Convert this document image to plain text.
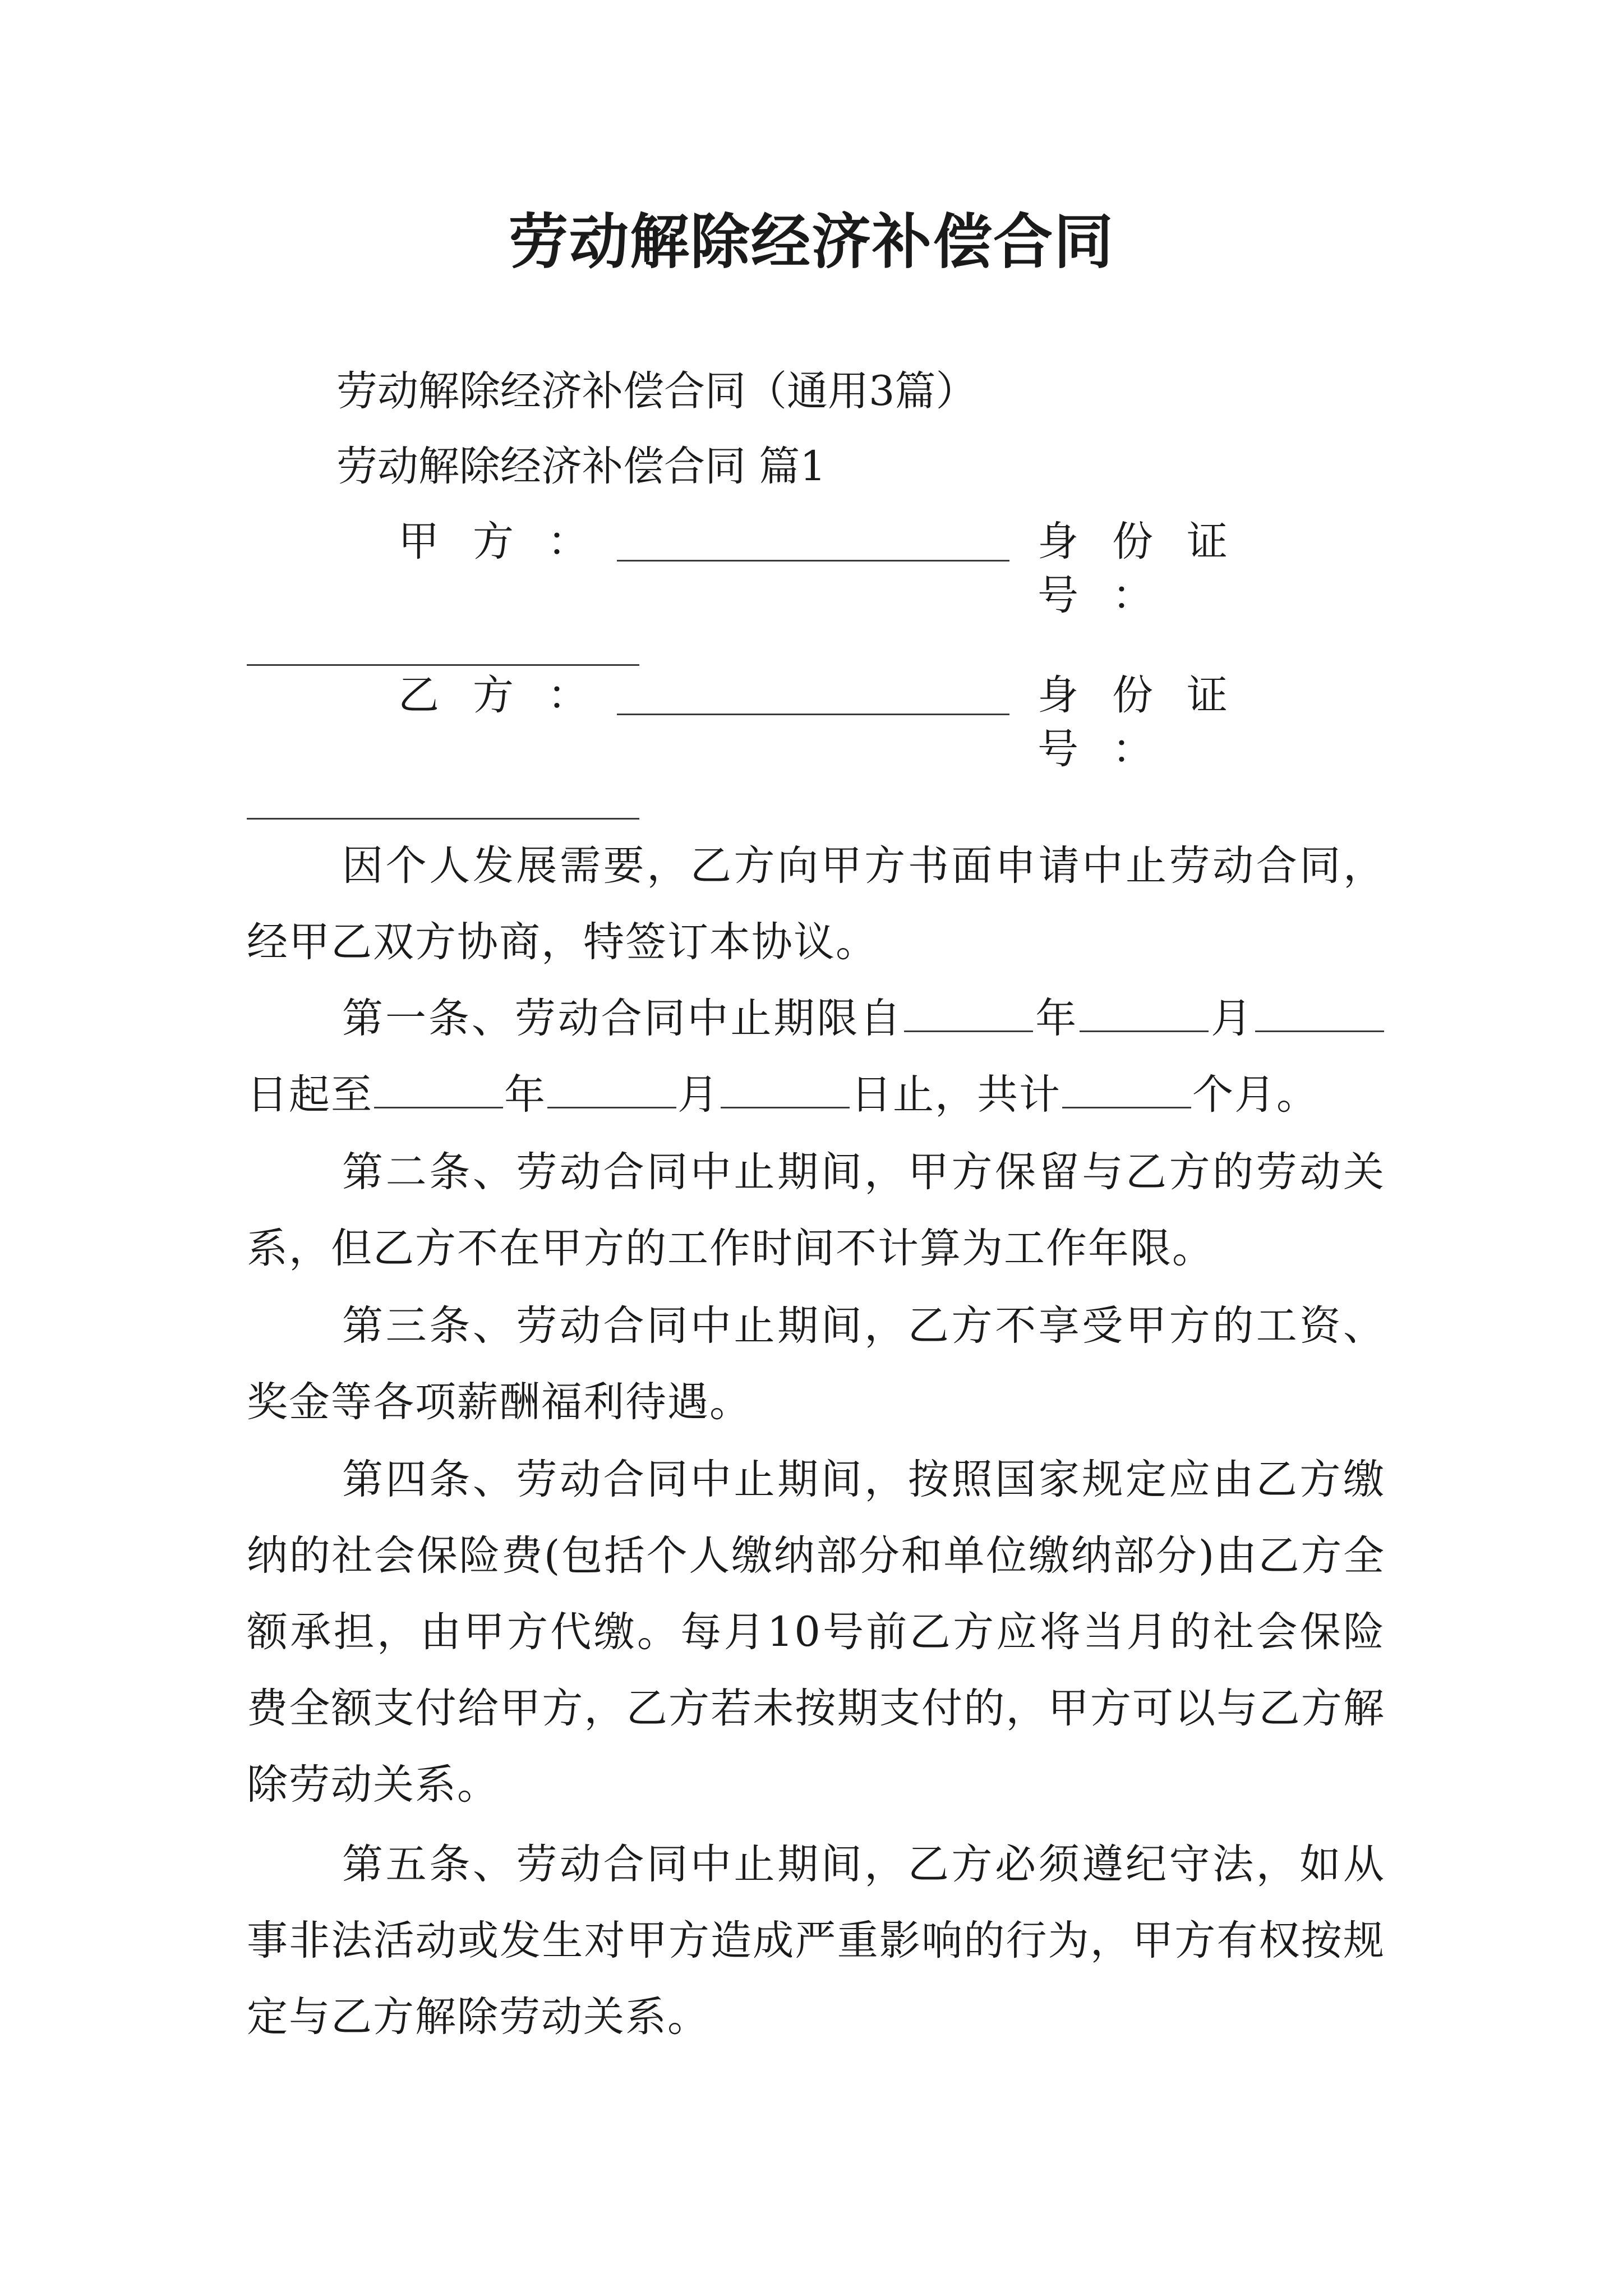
劳动解除经济补偿合同
劳动解除经济补偿合同（通用3篇）
劳动解除经济补偿合同 篇1
甲方：	身份证号：
乙方：	身份证号：

因个人发展需要，乙方向甲方书面申请中止劳动合同，经甲乙双方协商，特签订本协议。

第一条、劳动合同中止期限自	年	月日起至	年	月	日止，共计	个月。

第二条、劳动合同中止期间，甲方保留与乙方的劳动关系，但乙方不在甲方的工作时间不计算为工作年限。

第三条、劳动合同中止期间，乙方不享受甲方的工资、奖金等各项薪酬福利待遇。

第四条、劳动合同中止期间，按照国家规定应由乙方缴纳的社会保险费(包括个人缴纳部分和单位缴纳部分)由乙方全额承担，由甲方代缴。每月10号前乙方应将当月的社会保险费全额支付给甲方，乙方若未按期支付的，甲方可以与乙方解除劳动关系。

第五条、劳动合同中止期间，乙方必须遵纪守法，如从事非法活动或发生对甲方造成严重影响的行为，甲方有权按规定与乙方解除劳动关系。
